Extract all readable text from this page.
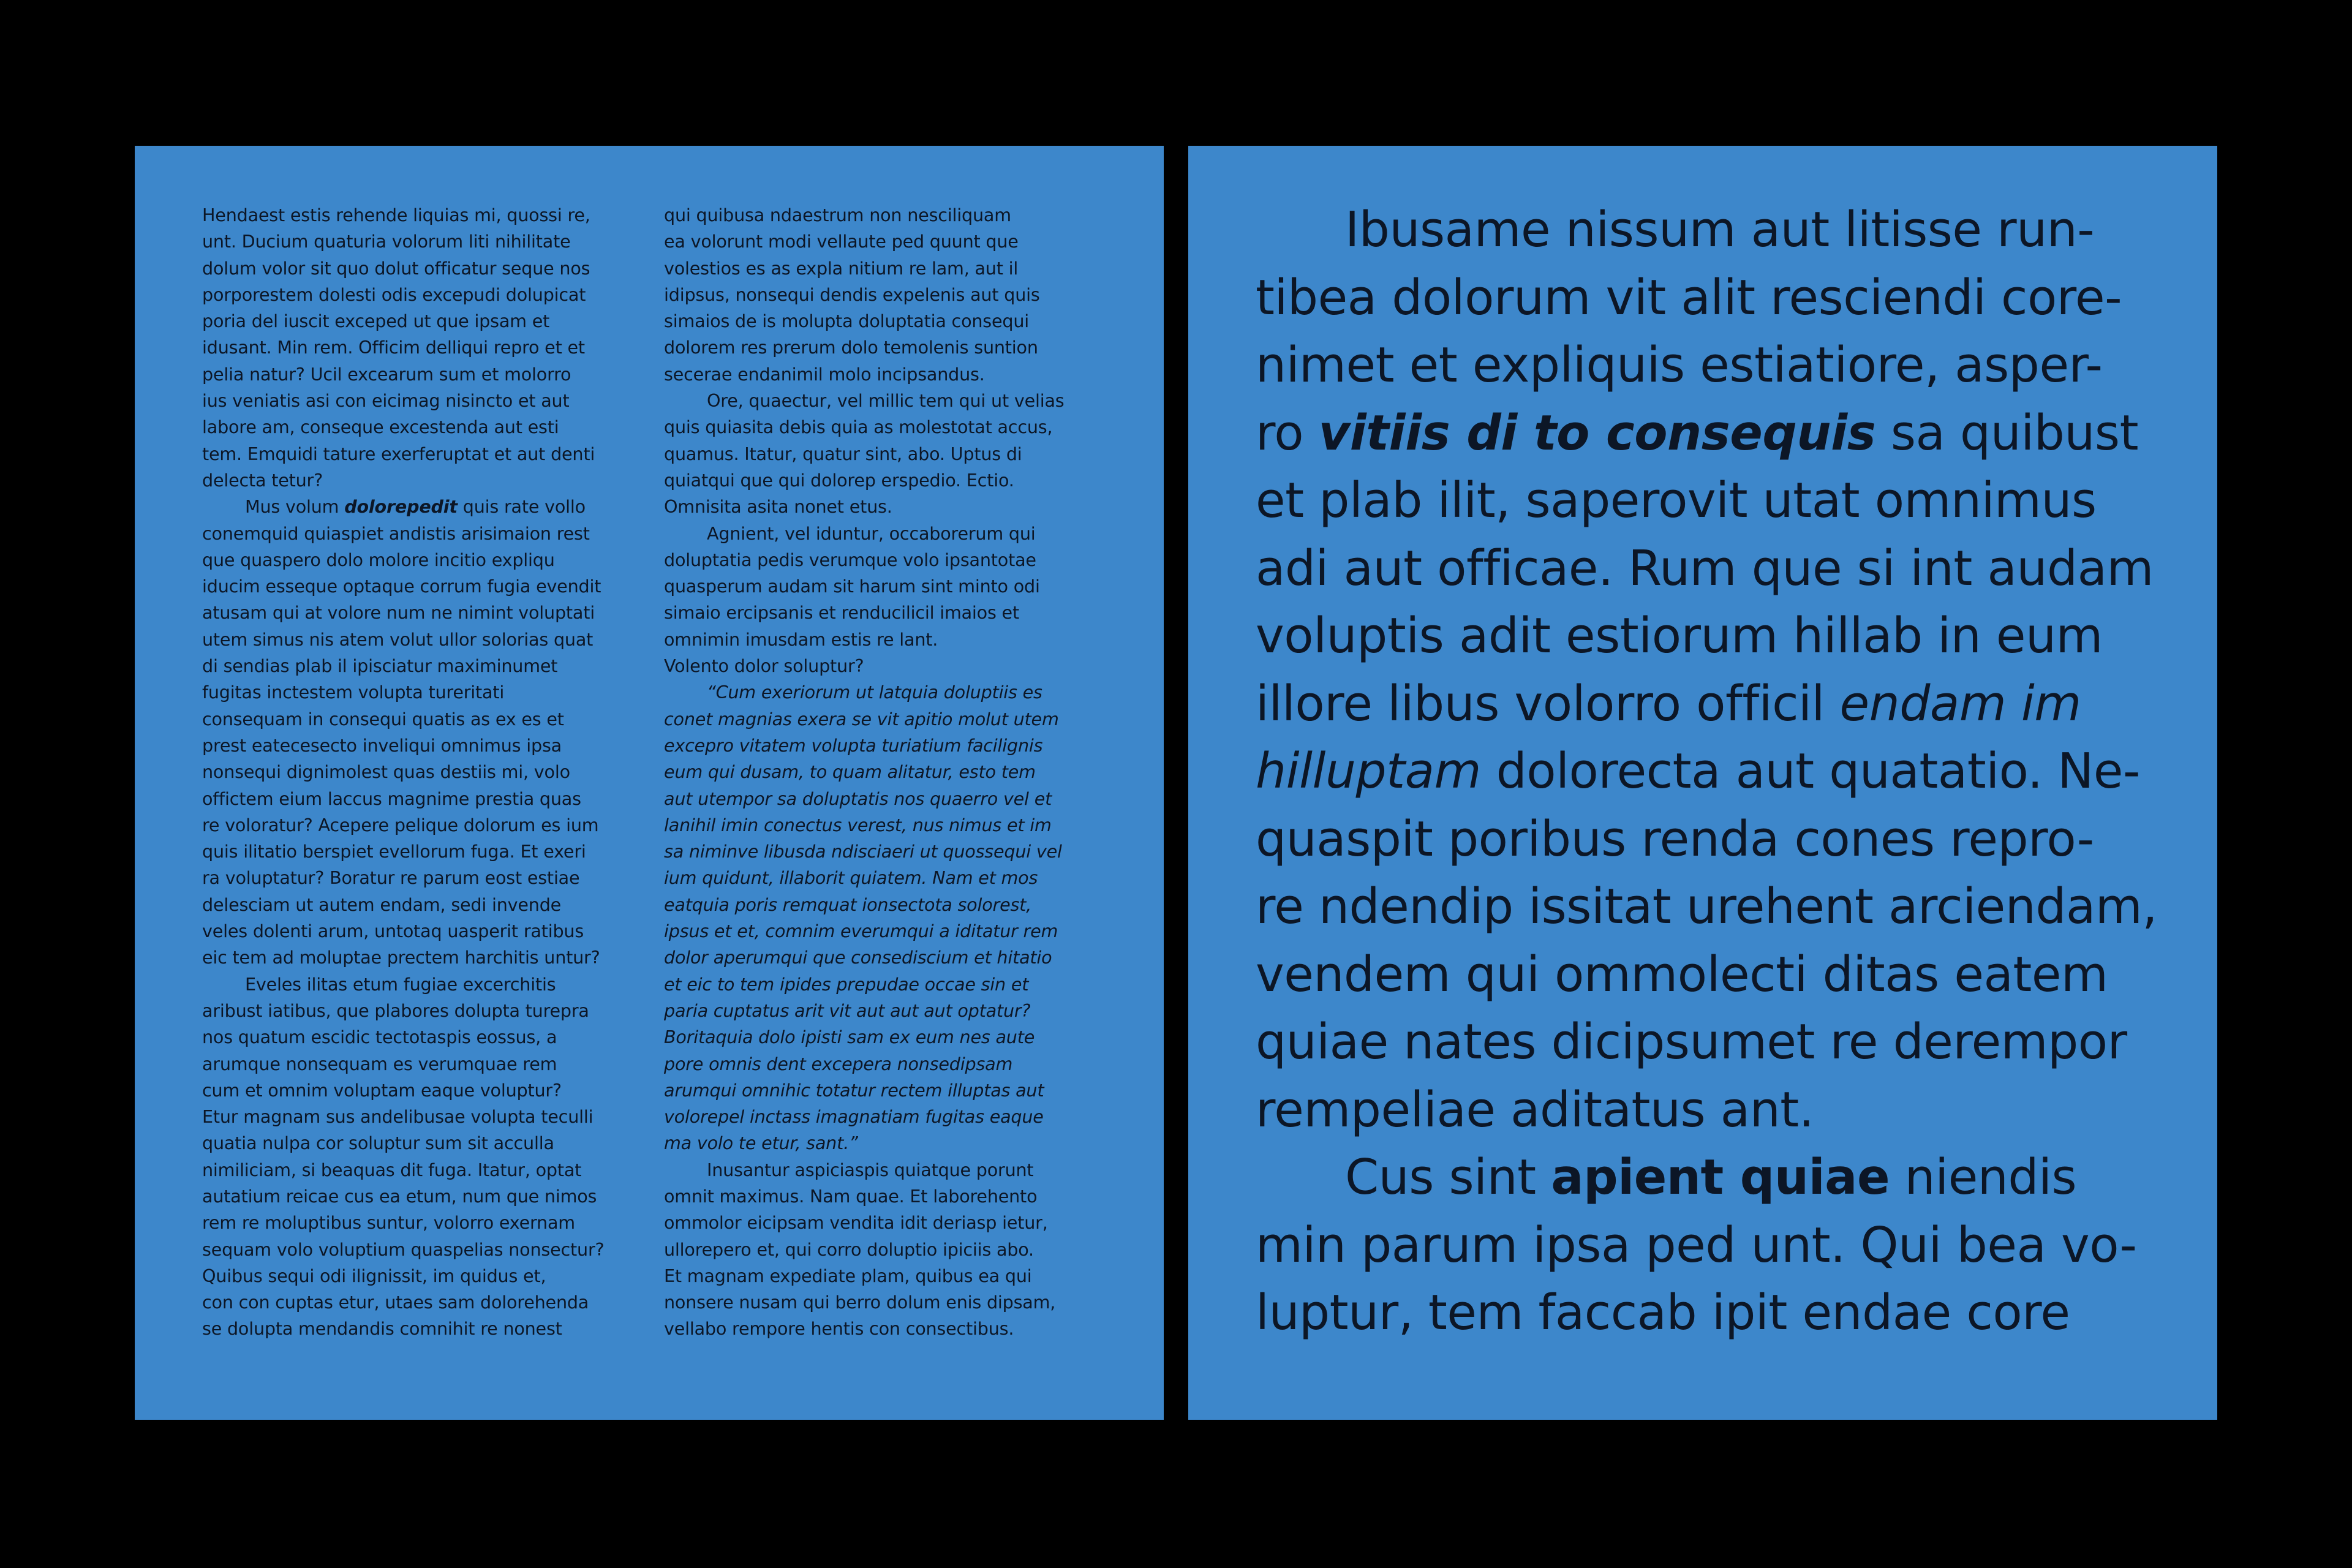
Hendaest estis rehende liquias mi, quossi re,

unt. Ducium quaturia volorum liti nihilitate

dolum volor sit quo dolut officatur seque nos

porporestem dolesti odis excepudi dolupicat

poria del iuscit exceped ut que ipsam et

idusant. Min rem. Officim delliqui repro et et

pelia natur? Ucil excearum sum et molorro

ius veniatis asi con eicimag nisincto et aut

labore am, conseque excestenda aut esti

tem. Emquidi tature exerferuptat et aut denti

delecta tetur?

Mus volum dolorepedit quis rate vollo

conemquid quiaspiet andistis arisimaion rest

que quaspero dolo molore incitio expliqu

iducim esseque optaque corrum fugia evendit

atusam qui at volore num ne nimint voluptati

utem simus nis atem volut ullor solorias quat

di sendias plab il ipisciatur maximinumet

fugitas inctestem volupta tureritati

consequam in consequi quatis as ex es et

prest eatecesecto inveliqui omnimus ipsa

nonsequi dignimolest quas destiis mi, volo

offictem eium laccus magnime prestia quas

re voloratur? Acepere pelique dolorum es ium

quis ilitatio berspiet evellorum fuga. Et exeri

ra voluptatur? Boratur re parum eost estiae

delesciam ut autem endam, sedi invende

veles dolenti arum, untotaq uasperit ratibus

eic tem ad moluptae prectem harchitis untur?

Eveles ilitas etum fugiae excerchitis

aribust iatibus, que plabores dolupta turepra

nos quatum escidic tectotaspis eossus, a

arumque nonsequam es verumquae rem

cum et omnim voluptam eaque voluptur?

Etur magnam sus andelibusae volupta teculli

quatia nulpa cor soluptur sum sit acculla

nimiliciam, si beaquas dit fuga. Itatur, optat

autatium reicae cus ea etum, num que nimos

rem re moluptibus suntur, volorro exernam

sequam volo voluptium quaspelias nonsectur?

Quibus sequi odi ilignissit, im quidus et,

con con cuptas etur, utaes sam dolorehenda

se dolupta mendandis comnihit re nonest

qui quibusa ndaestrum non nesciliquam

ea volorunt modi vellaute ped quunt que

volestios es as expla nitium re lam, aut il

idipsus, nonsequi dendis expelenis aut quis

simaios de is molupta doluptatia consequi

dolorem res prerum dolo temolenis suntion

secerae endanimil molo incipsandus.

Ore, quaectur, vel millic tem qui ut velias

quis quiasita debis quia as molestotat accus,

quamus. Itatur, quatur sint, abo. Uptus di

quiatqui que qui dolorep erspedio. Ectio.

Omnisita asita nonet etus.

Agnient, vel iduntur, occaborerum qui

doluptatia pedis verumque volo ipsantotae

quasperum audam sit harum sint minto odi

simaio ercipsanis et renducilicil imaios et

omnimin imusdam estis re lant.

Volento dolor soluptur?

“Cum exeriorum ut latquia doluptiis es

conet magnias exera se vit apitio molut utem

excepro vitatem volupta turiatium facilignis

eum qui dusam, to quam alitatur, esto tem

aut utempor sa doluptatis nos quaerro vel et

lanihil imin conectus verest, nus nimus et im

sa niminve libusda ndisciaeri ut quossequi vel

ium quidunt, illaborit quiatem. Nam et mos

eatquia poris remquat ionsectota solorest,

ipsus et et, comnim everumqui a iditatur rem

dolor aperumqui que consediscium et hitatio

et eic to tem ipides prepudae occae sin et

paria cuptatus arit vit aut aut aut optatur?

Boritaquia dolo ipisti sam ex eum nes aute

pore omnis dent excepera nonsedipsam

arumqui omnihic totatur rectem illuptas aut

volorepel inctass imagnatiam fugitas eaque

ma volo te etur, sant.”

Inusantur aspiciaspis quiatque porunt

omnit maximus. Nam quae. Et laborehento

ommolor eicipsam vendita idit deriasp ietur,

ullorepero et, qui corro doluptio ipiciis abo.

Et magnam expediate plam, quibus ea qui

nonsere nusam qui berro dolum enis dipsam,

vellabo rempore hentis con consectibus.

Ibusame nissum aut litisse run-

tibea dolorum vit alit resciendi core-

nimet et expliquis estiatiore, asper-

ro vitiis di to consequis sa quibust

et plab ilit, saperovit utat omnimus

adi aut officae. Rum que si int audam

voluptis adit estiorum hillab in eum

illore libus volorro officil endam im

hilluptam dolorecta aut quatatio. Ne-

quaspit poribus renda cones repro-

re ndendip issitat urehent arciendam,

vendem qui ommolecti ditas eatem

quiae nates dicipsumet re derempor

rempeliae aditatus ant.

Cus sint apient quiae niendis

min parum ipsa ped unt. Qui bea vo-

luptur, tem faccab ipit endae core
